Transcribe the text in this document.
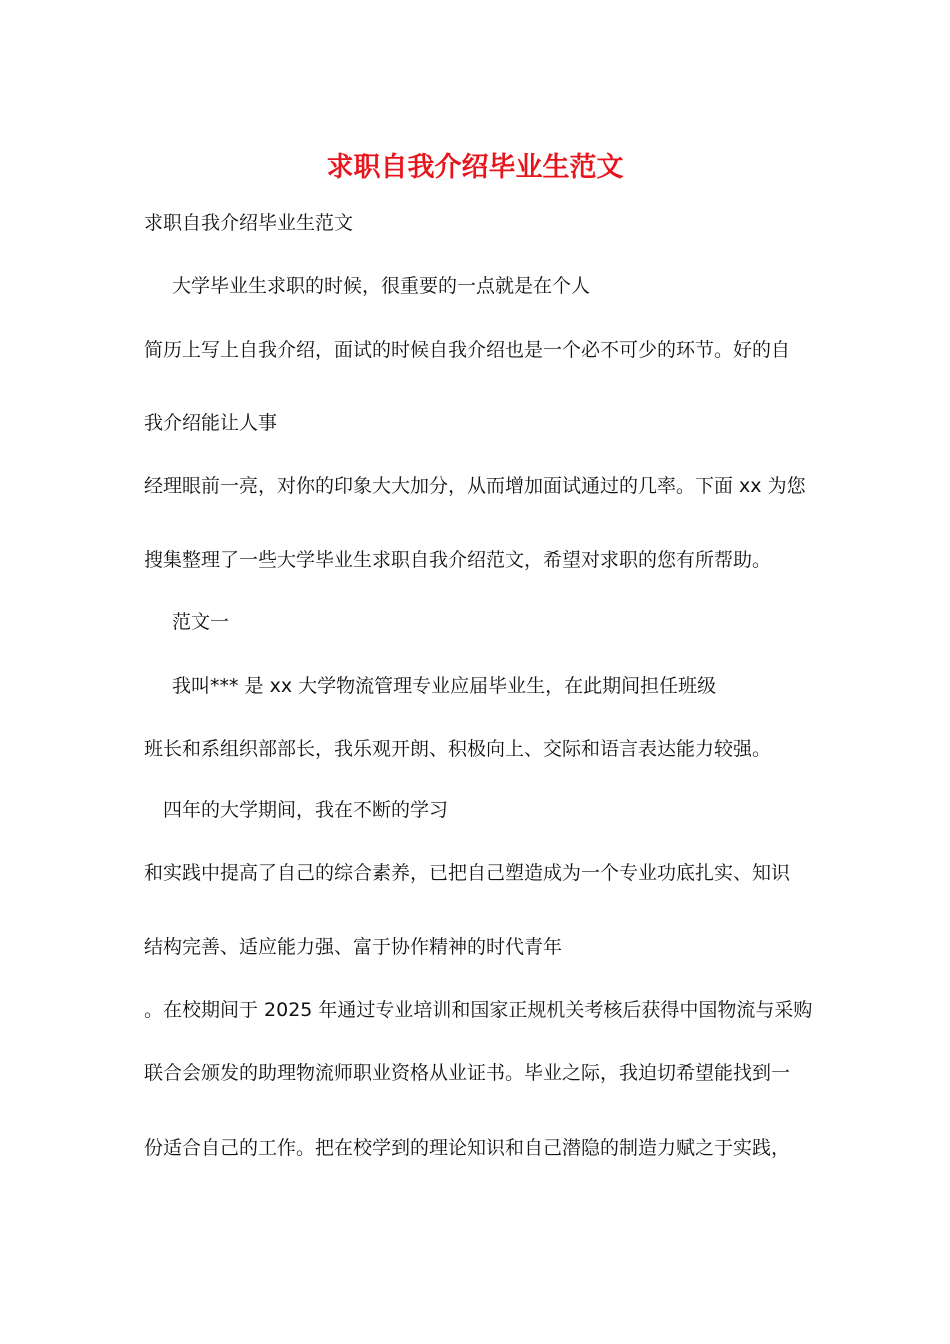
求职自我介绍毕业生范文

求职自我介绍毕业生范文

大学毕业生求职的时候，很重要的一点就是在个人

简历上写上自我介绍，面试的时候自我介绍也是一个必不可少的环节。好的自

我介绍能让人事

经理眼前一亮，对你的印象大大加分，从而增加面试通过的几率。下面 xx 为您

搜集整理了一些大学毕业生求职自我介绍范文，希望对求职的您有所帮助。

范文一

我叫*** 是 xx 大学物流管理专业应届毕业生，在此期间担任班级

班长和系组织部部长，我乐观开朗、积极向上、交际和语言表达能力较强。

四年的大学期间，我在不断的学习

和实践中提高了自己的综合素养，已把自己塑造成为一个专业功底扎实、知识

结构完善、适应能力强、富于协作精神的时代青年

。在校期间于 2025 年通过专业培训和国家正规机关考核后获得中国物流与采购

联合会颁发的助理物流师职业资格从业证书。毕业之际，我迫切希望能找到一

份适合自己的工作。把在校学到的理论知识和自己潜隐的制造力赋之于实践，
